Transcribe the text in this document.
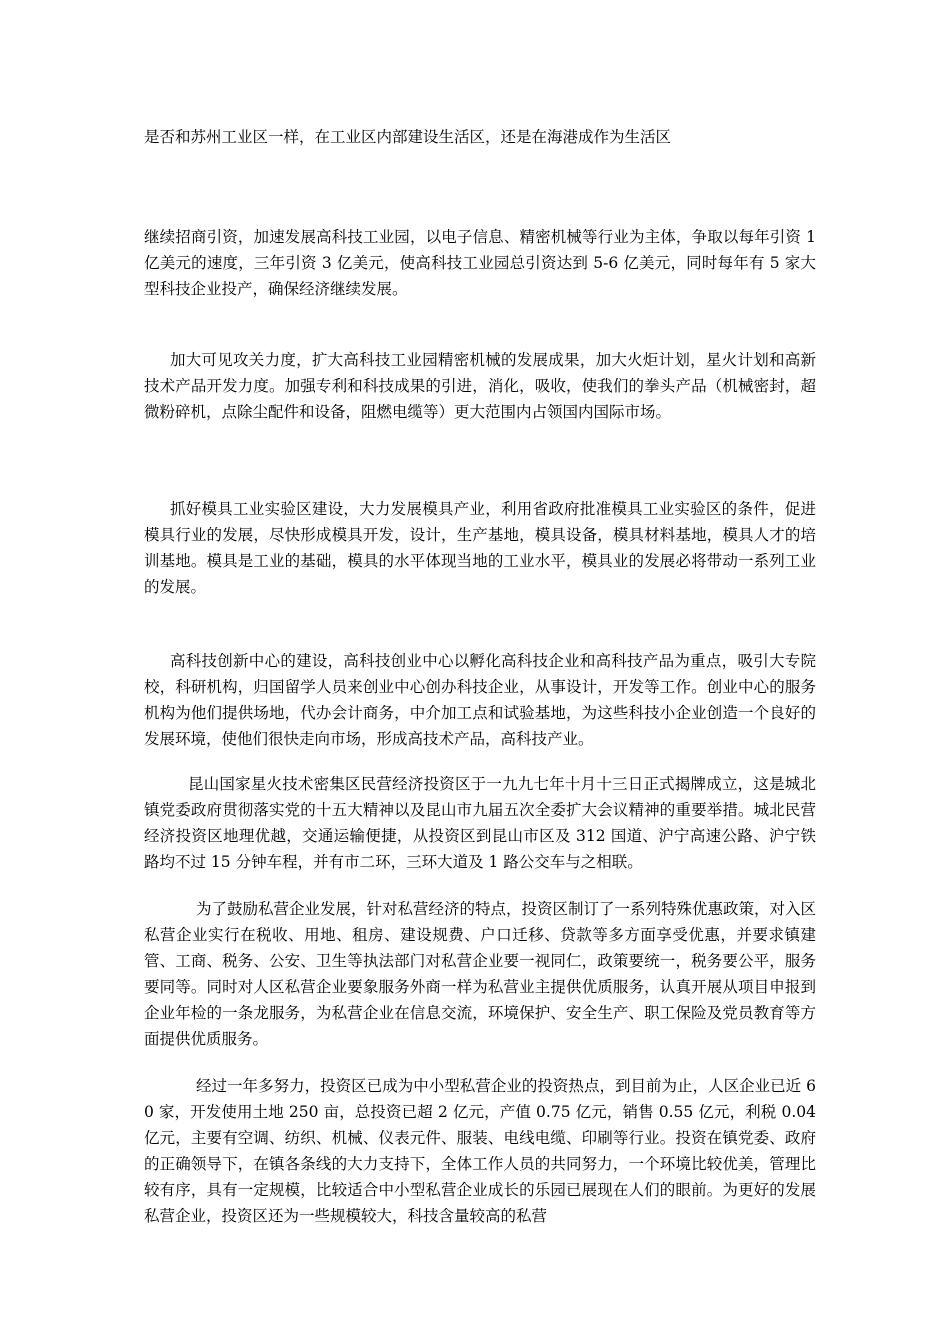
是否和苏州工业区一样，在工业区内部建设生活区，还是在海港成作为生活区

继续招商引资，加速发展高科技工业园，以电子信息、精密机械等行业为主体，争取以每年引资 1 亿美元的速度，三年引资 3 亿美元，使高科技工业园总引资达到 5-6 亿美元，同时每年有 5 家大型科技企业投产，确保经济继续发展。

加大可见攻关力度，扩大高科技工业园精密机械的发展成果，加大火炬计划，星火计划和高新技术产品开发力度。加强专利和科技成果的引进，消化，吸收，使我们的拳头产品（机械密封，超微粉碎机，点除尘配件和设备，阻燃电缆等）更大范围内占领国内国际市场。

抓好模具工业实验区建设，大力发展模具产业，利用省政府批准模具工业实验区的条件，促进模具行业的发展，尽快形成模具开发，设计，生产基地，模具设备，模具材料基地，模具人才的培训基地。模具是工业的基础，模具的水平体现当地的工业水平，模具业的发展必将带动一系列工业的发展。

高科技创新中心的建设，高科技创业中心以孵化高科技企业和高科技产品为重点，吸引大专院校，科研机构，归国留学人员来创业中心创办科技企业，从事设计，开发等工作。创业中心的服务机构为他们提供场地，代办会计商务，中介加工点和试验基地，为这些科技小企业创造一个良好的发展环境，使他们很快走向市场，形成高技术产品，高科技产业。

昆山国家星火技术密集区民营经济投资区于一九九七年十月十三日正式揭牌成立，这是城北镇党委政府贯彻落实党的十五大精神以及昆山市九届五次全委扩大会议精神的重要举措。城北民营经济投资区地理优越，交通运输便捷，从投资区到昆山市区及 312 国道、沪宁高速公路、沪宁铁路均不过 15 分钟车程，并有市二环，三环大道及 1 路公交车与之相联。

为了鼓励私营企业发展，针对私营经济的特点，投资区制订了一系列特殊优惠政策，对入区私营企业实行在税收、用地、租房、建设规费、户口迁移、贷款等多方面享受优惠，并要求镇建管、工商、税务、公安、卫生等执法部门对私营企业要一视同仁，政策要统一，税务要公平，服务要同等。同时对人区私营企业要象服务外商一样为私营业主提供优质服务，认真开展从项目申报到企业年检的一条龙服务，为私营企业在信息交流，环境保护、安全生产、职工保险及党员教育等方面提供优质服务。

经过一年多努力，投资区已成为中小型私营企业的投资热点，到目前为止，人区企业已近 60 家，开发使用土地 250 亩，总投资已超 2 亿元，产值 0.75 亿元，销售 0.55 亿元，利税 0.04 亿元，主要有空调、纺织、机械、仪表元件、服装、电线电缆、印刷等行业。投资在镇党委、政府的正确领导下，在镇各条线的大力支持下，全体工作人员的共同努力，一个环境比较优美，管理比较有序，具有一定规模，比较适合中小型私营企业成长的乐园已展现在人们的眼前。为更好的发展私营企业，投资区还为一些规模较大，科技含量较高的私营
